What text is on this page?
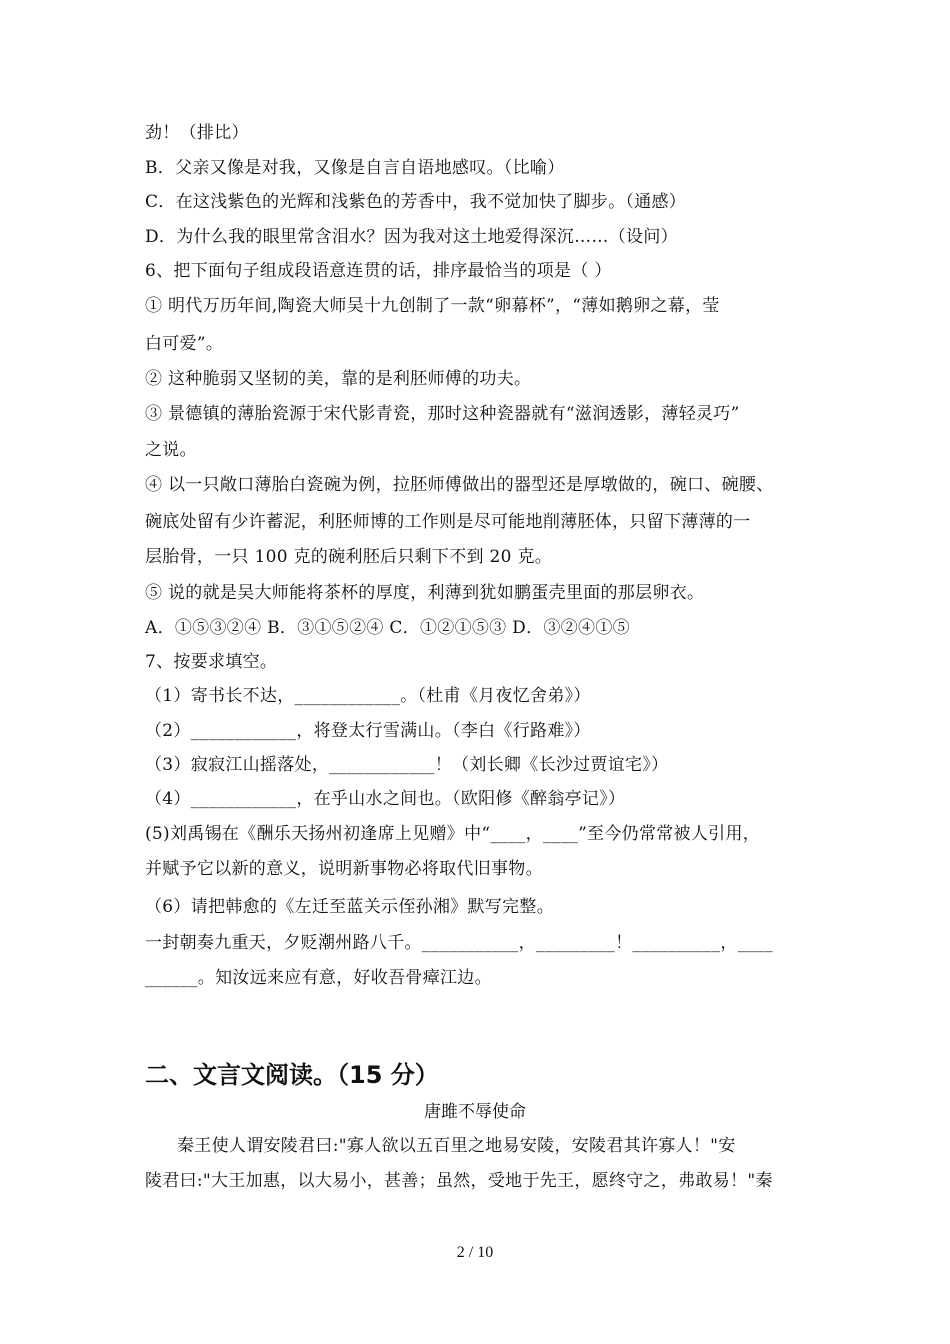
劲！（排比）
B．父亲又像是对我，又像是自言自语地感叹。（比喻）
C．在这浅紫色的光辉和浅紫色的芳香中，我不觉加快了脚步。（通感）
D．为什么我的眼里常含泪水？因为我对这土地爱得深沉……（设问）
6、把下面句子组成段语意连贯的话，排序最恰当的项是（ ）
① 明代万历年间,陶瓷大师吴十九创制了一款“卵幕杯”，“薄如鹅卵之幕，莹
白可爱”。
② 这种脆弱又坚韧的美，靠的是利胚师傅的功夫。
③ 景德镇的薄胎瓷源于宋代影青瓷，那时这种瓷器就有“滋润透影，薄轻灵巧”
之说。
④ 以一只敞口薄胎白瓷碗为例，拉胚师傅做出的器型还是厚墩做的，碗口、碗腰、
碗底处留有少许蓄泥，利胚师博的工作则是尽可能地削薄胚体，只留下薄薄的一
层胎骨，一只 100 克的碗利胚后只剩下不到 20 克。
⑤ 说的就是吴大师能将茶杯的厚度，利薄到犹如鹏蛋壳里面的那层卵衣。
A．①⑤③②④ B．③①⑤②④ C．①②①⑤③ D．③②④①⑤
7、按要求填空。
（1）寄书长不达，____________。（杜甫《月夜忆舍弟》）
（2）____________，将登太行雪满山。（李白《行路难》）
（3）寂寂江山摇落处，____________！（刘长卿《长沙过贾谊宅》）
（4）____________，在乎山水之间也。（欧阳修《醉翁亭记》）
(5)刘禹锡在《酬乐天扬州初逢席上见赠》中“____，____”至今仍常常被人引用，
并赋予它以新的意义，说明新事物必将取代旧事物。
（6）请把韩愈的《左迁至蓝关示侄孙湘》默写完整。
一封朝奏九重天，夕贬潮州路八千。___________，_________！__________，____
______。知汝远来应有意，好收吾骨瘴江边。
二、文言文阅读。（15 分）
唐雎不辱使命
秦王使人谓安陵君曰:"寡人欲以五百里之地易安陵，安陵君其许寡人！"安
陵君曰:"大王加惠，以大易小，甚善；虽然，受地于先王，愿终守之，弗敢易！"秦
2 / 10
